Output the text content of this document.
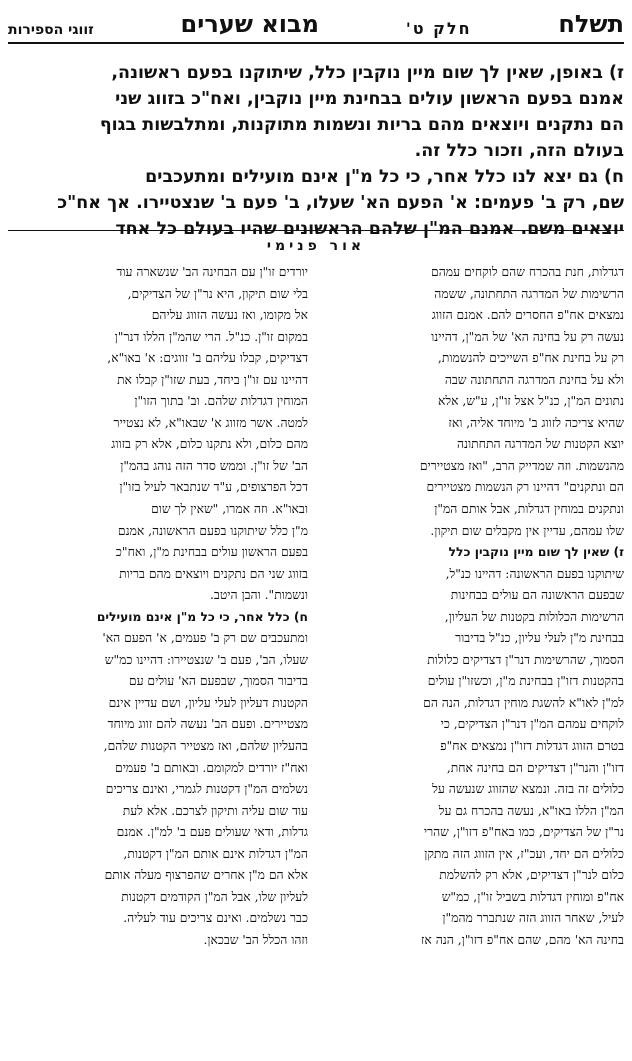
תשלח
חלק ט'
מבוא שערים
זווגי הספירות

ז) באופן, שאין לך שום מיין נוקבין כלל, שיתוקנו בפעם ראשונה,
אמנם בפעם הראשון עולים בבחינת מיין נוקבין, ואח"כ בזווג שני
הם נתקנים ויוצאים מהם בריות ונשמות מתוקנות, ומתלבשות בגוף
בעולם הזה, וזכור כלל זה.

ח) גם יצא לנו כלל אחר, כי כל מ"ן אינם מועילים ומתעכבים
שם, רק ב' פעמים: א' הפעם הא' שעלו, ב' פעם ב' שנצטיירו. אך אח"כ
יוצאים משם. אמנם המ"ן שלהם הראשונים שהיו בעולם כל אחד

אור פנימי
דגדלות, חנת בהכרח שהם לוקחים עמהם
הרשימות של המדרגה התחתונה, ששמה
נמצאים אח"פ החסרים להם. אמנם הזווג
נעשה רק על בחינה הא' של המ"ן, דהיינו
רק על בחינת אח"פ השייכים להנשמות,
ולא על בחינת המדרגה התחתונה שבה
נתונים המ"ן, כנ"ל אצל זו"ן, ע"ש, אלא
שהיא צריכה לזווג ב' מיוחד אליה, ואז
יוצא הקטנות של המדרגה התחתונה
מהנשמות. וזה שמדייק הרב, "ואז מצטיירים
הם ונתקנים" דהיינו רק הנשמות מצטיירים
ונתקנים במוחין דגדלות, אבל אותם המ"ן
שלו עמהם, עדיין אין מקבלים שום תיקון.
ז) שאין לך שום מיין נוקבין כלל
שיתוקנו בפעם הראשונה: דהיינו כנ"ל,
שבפעם הראשונה הם עולים בבחינות
הרשימות הכלולות בקטנות של העליון,
בבחינת מ"ן לעלי עליון, כנ"ל בדיבור
הסמוך, שהרשימות דנר"ן דצדיקים כלולות
בהקטנות דזו"ן בבחינת מ"ן, וכשזו"ן עולים
למ"ן לאו"א להשגת מוחין דגדלות, הנה הם
לוקחים עמהם המ"ן דנר"ן הצדיקים, כי
בטרם הזווג דגדלות דזו"ן נמצאים אח"פ
דזו"ן והנר"ן דצדיקים הם בחינה אחת,
כלולים זה בזה. ונמצא שהזווג שנעשה על
המ"ן הללו באו"א, נעשה בהכרח גם על
נר"ן של הצדיקים, כמו באח"פ דזו"ן, שהרי
כלולים הם יחד, ועכ"ז, אין הזווג הזה מתקן
כלום לנר"ן דצדיקים, אלא רק להשלמת
אח"פ ומוחין דגדלות בשביל זו"ן, כמ"ש
לעיל, שאחר הזווג הזה שנתברר מהמ"ן
בחינה הא' מהם, שהם אח"פ דזו"ן, הנה אז
יורדים זו"ן עם הבחינה הב' שנשארה עוד
בלי שום תיקון, היא נר"ן של הצדיקים,
אל מקומו, ואז נעשה הזווג עליהם
במקום זו"ן. כנ"ל. הרי שהמ"ן הללו דנר"ן
דצדיקים, קבלו עליהם ב' זווגים: א' באו"א,
דהיינו עם זו"ן ביחד, בעת שזו"ן קבלו את
המוחין דגדלות שלהם. וב' בתוך הזו"ן
למטה. אשר מזווג א' שבאו"א, לא נצטייר
מהם כלום, ולא נתקנו כלום, אלא רק בזווג
הב' של זו"ן. וממש סדר הזה נוהג בהמ"ן
דכל הפרצופים, ע"ד שנתבאר לעיל בזו"ן
ובאו"א. וזה אמרו, "שאין לך שום
מ"ן כלל שיתוקנו בפעם הראשונה, אמנם
בפעם הראשון עולים בבחינת מ"ן, ואח"כ
בזווג שני הם נתקנים ויוצאים מהם בריות
ונשמות". והבן היטב.
ח) כלל אחר, כי כל מ"ן אינם מועילים
ומתעכבים שם רק ב' פעמים, א' הפעם הא'
שעלו, הב', פעם ב' שנצטיירו: דהיינו כמ"ש
בדיבור הסמוך, שבפעם הא' עולים עם
הקטנות דעליון לעלי עליון, ושם עדיין אינם
מצטיירים. ופעם הב' נעשה להם זווג מיוחד
בהעליון שלהם, ואז מצטייר הקטנות שלהם,
ואח"ז יורדים למקומם. ובאותם ב' פעמים
נשלמים המ"ן דקטנות לגמרי, ואינם צריכים
עוד שום עליה ותיקון לצרכם. אלא לעת
גדלות, ודאי שעולים פעם ב' למ"ן. אמנם
המ"ן דגדלות אינם אותם המ"ן דקטנות,
אלא הם מ"ן אחרים שהפרצוף מעלה אותם
לעליון שלו, אבל המ"ן הקודמים דקטנות
כבר נשלמים. ואינם צריכים עוד לעליה.
וזהו הכלל הב' שבכאן.
